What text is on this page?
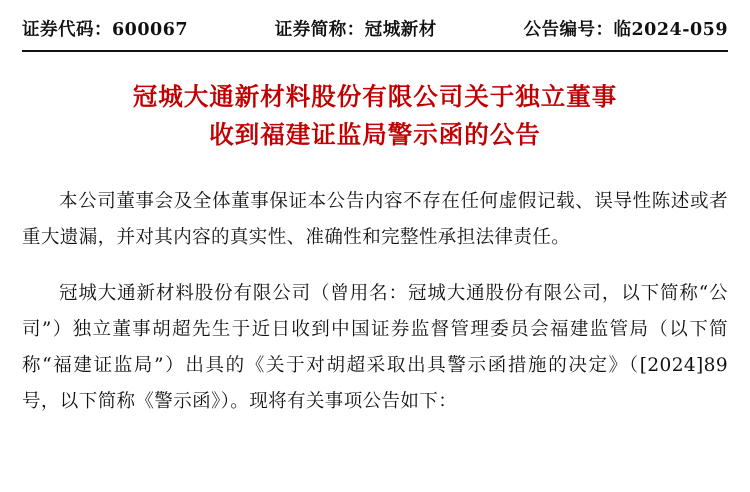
证券代码：600067	证券简称：冠城新材	公告编号：临2024-059
冠城大通新材料股份有限公司关于独立董事
收到福建证监局警示函的公告

本公司董事会及全体董事保证本公告内容不存在任何虚假记载、误导性陈述或者重大遗漏，并对其内容的真实性、准确性和完整性承担法律责任。

冠城大通新材料股份有限公司（曾用名：冠城大通股份有限公司，以下简称“公司”）独立董事胡超先生于近日收到中国证券监督管理委员会福建监管局（以下简称“福建证监局”）出具的《关于对胡超采取出具警示函措施的决定》（[2024]89 号，以下简称《警示函》）。现将有关事项公告如下：
